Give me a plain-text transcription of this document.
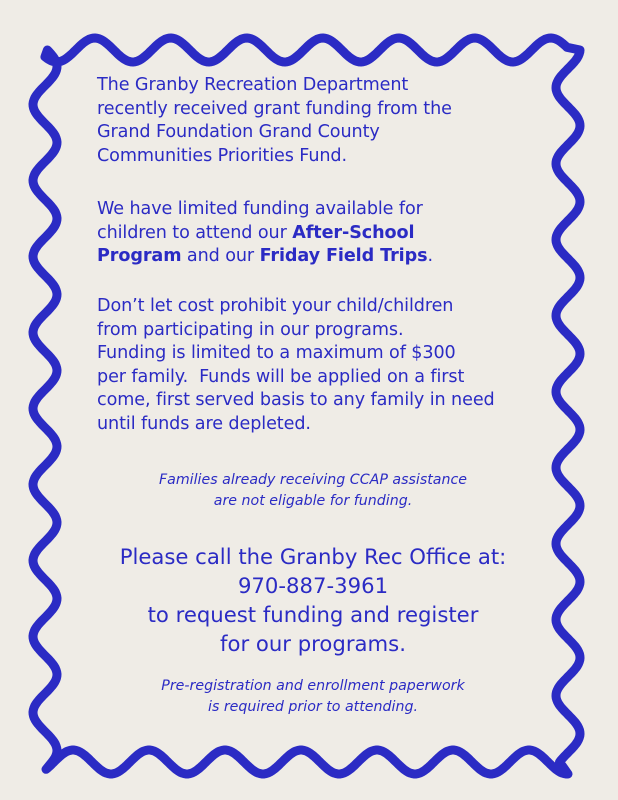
The Granby Recreation Department
recently received grant funding from the
Grand Foundation Grand County
Communities Priorities Fund.

We have limited funding available for
children to attend our After-School
Program and our Friday Field Trips.

Don’t let cost prohibit your child/children
from participating in our programs.
Funding is limited to a maximum of $300
per family.  Funds will be applied on a first
come, first served basis to any family in need
until funds are depleted.

Families already receiving CCAP assistance
are not eligable for funding.

Please call the Granby Rec Office at:
970-887-3961
to request funding and register
for our programs.

Pre-registration and enrollment paperwork
is required prior to attending.
